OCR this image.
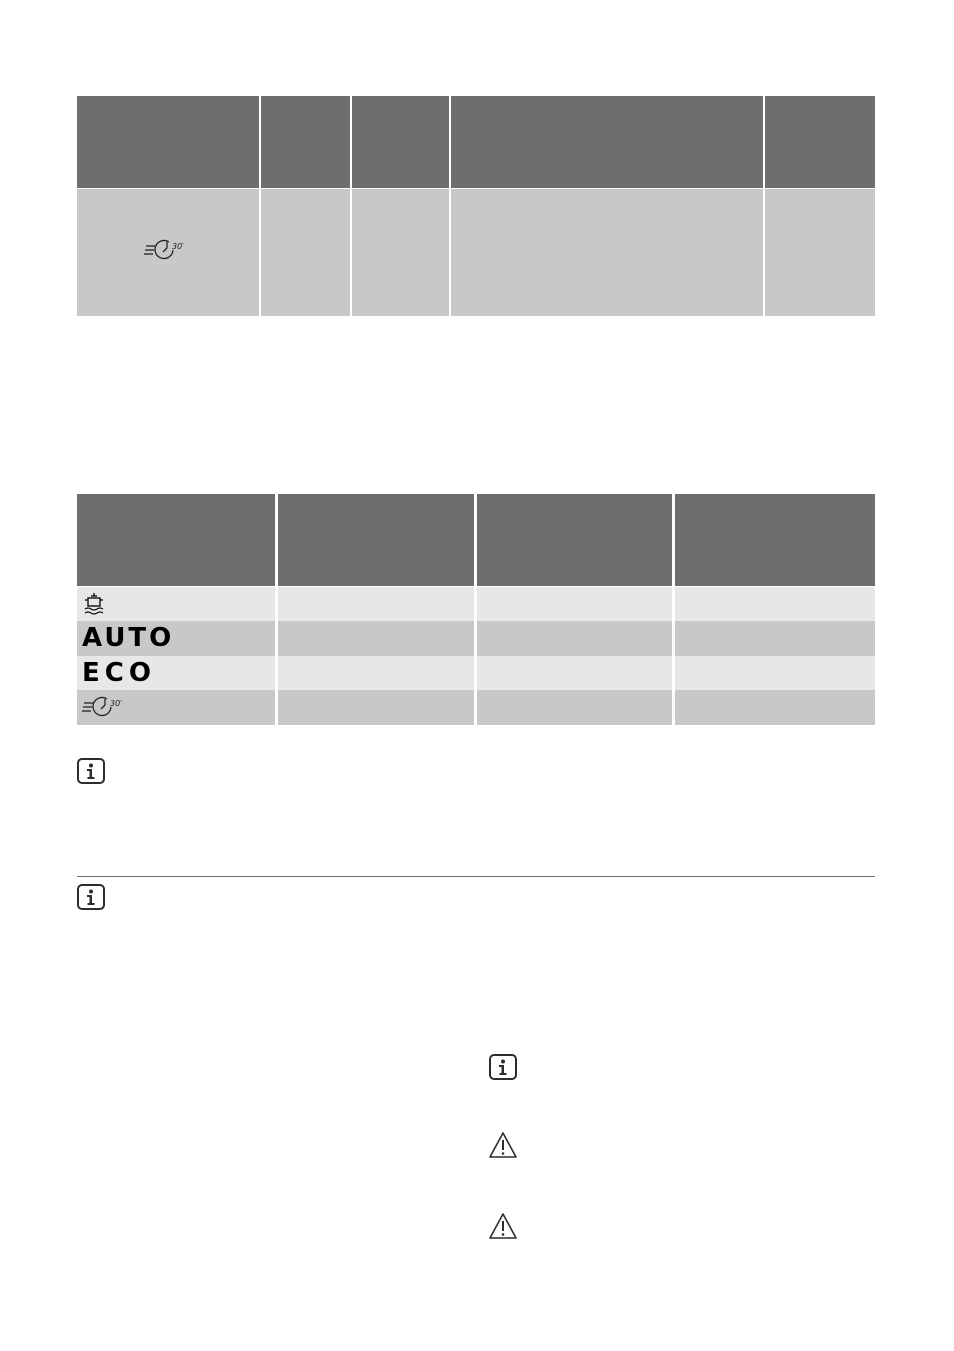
30′
AUTO
ECO
30′
